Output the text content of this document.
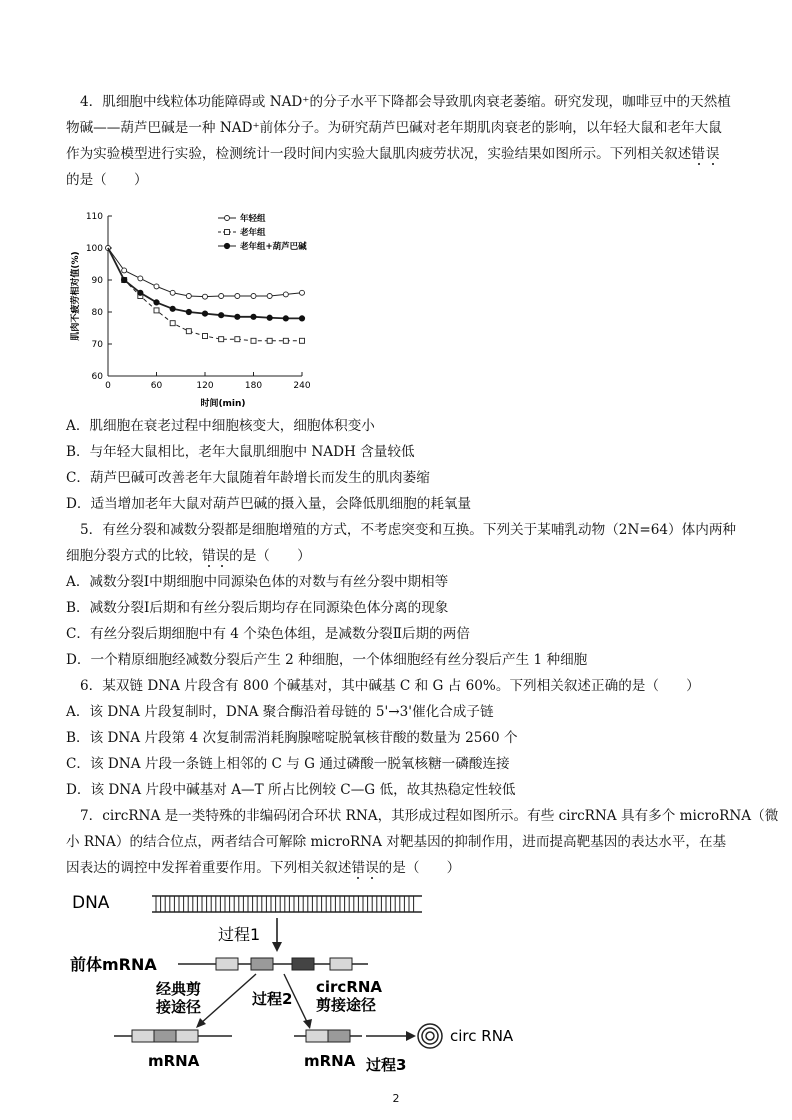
4．肌细胞中线粒体功能障碍或 NAD⁺的分子水平下降都会导致肌肉衰老萎缩。研究发现，咖啡豆中的天然植
物碱——葫芦巴碱是一种 NAD⁺前体分子。为研究葫芦巴碱对老年期肌肉衰老的影响，以年轻大鼠和老年大鼠
作为实验模型进行实验，检测统计一段时间内实验大鼠肌肉疲劳状况，实验结果如图所示。下列相关叙述错误
的是（　　）
60
70
80
90
100
110
0	60	120	180	240
年轻组
老年组
老年组+葫芦巴碱
时间(min)
肌肉不疲劳相对值(%)
A．肌细胞在衰老过程中细胞核变大，细胞体积变小
B．与年轻大鼠相比，老年大鼠肌细胞中 NADH 含量较低
C．葫芦巴碱可改善老年大鼠随着年龄增长而发生的肌肉萎缩
D．适当增加老年大鼠对葫芦巴碱的摄入量，会降低肌细胞的耗氧量
5．有丝分裂和减数分裂都是细胞增殖的方式，不考虑突变和互换。下列关于某哺乳动物（2N=64）体内两种
细胞分裂方式的比较，错误的是（　　）
A．减数分裂Ⅰ中期细胞中同源染色体的对数与有丝分裂中期相等
B．减数分裂Ⅰ后期和有丝分裂后期均存在同源染色体分离的现象
C．有丝分裂后期细胞中有 4 个染色体组，是减数分裂Ⅱ后期的两倍
D．一个精原细胞经减数分裂后产生 2 种细胞，一个体细胞经有丝分裂后产生 1 种细胞
6．某双链 DNA 片段含有 800 个碱基对，其中碱基 C 和 G 占 60%。下列相关叙述正确的是（　　）
A．该 DNA 片段复制时，DNA 聚合酶沿着母链的 5'→3'催化合成子链
B．该 DNA 片段第 4 次复制需消耗胸腺嘧啶脱氧核苷酸的数量为 2560 个
C．该 DNA 片段一条链上相邻的 C 与 G 通过磷酸一脱氧核糖一磷酸连接
D．该 DNA 片段中碱基对 A—T 所占比例较 C—G 低，故其热稳定性较低
7．circRNA 是一类特殊的非编码闭合环状 RNA，其形成过程如图所示。有些 circRNA 具有多个 microRNA（微
小 RNA）的结合位点，两者结合可解除 microRNA 对靶基因的抑制作用，进而提高靶基因的表达水平，在基
因表达的调控中发挥着重要作用。下列相关叙述错误的是（　　）
DNA
过程1
前体mRNA
经典剪
接途径	过程2
circRNA
剪接途径
mRNA	mRNA 过程3
circ RNA
2
